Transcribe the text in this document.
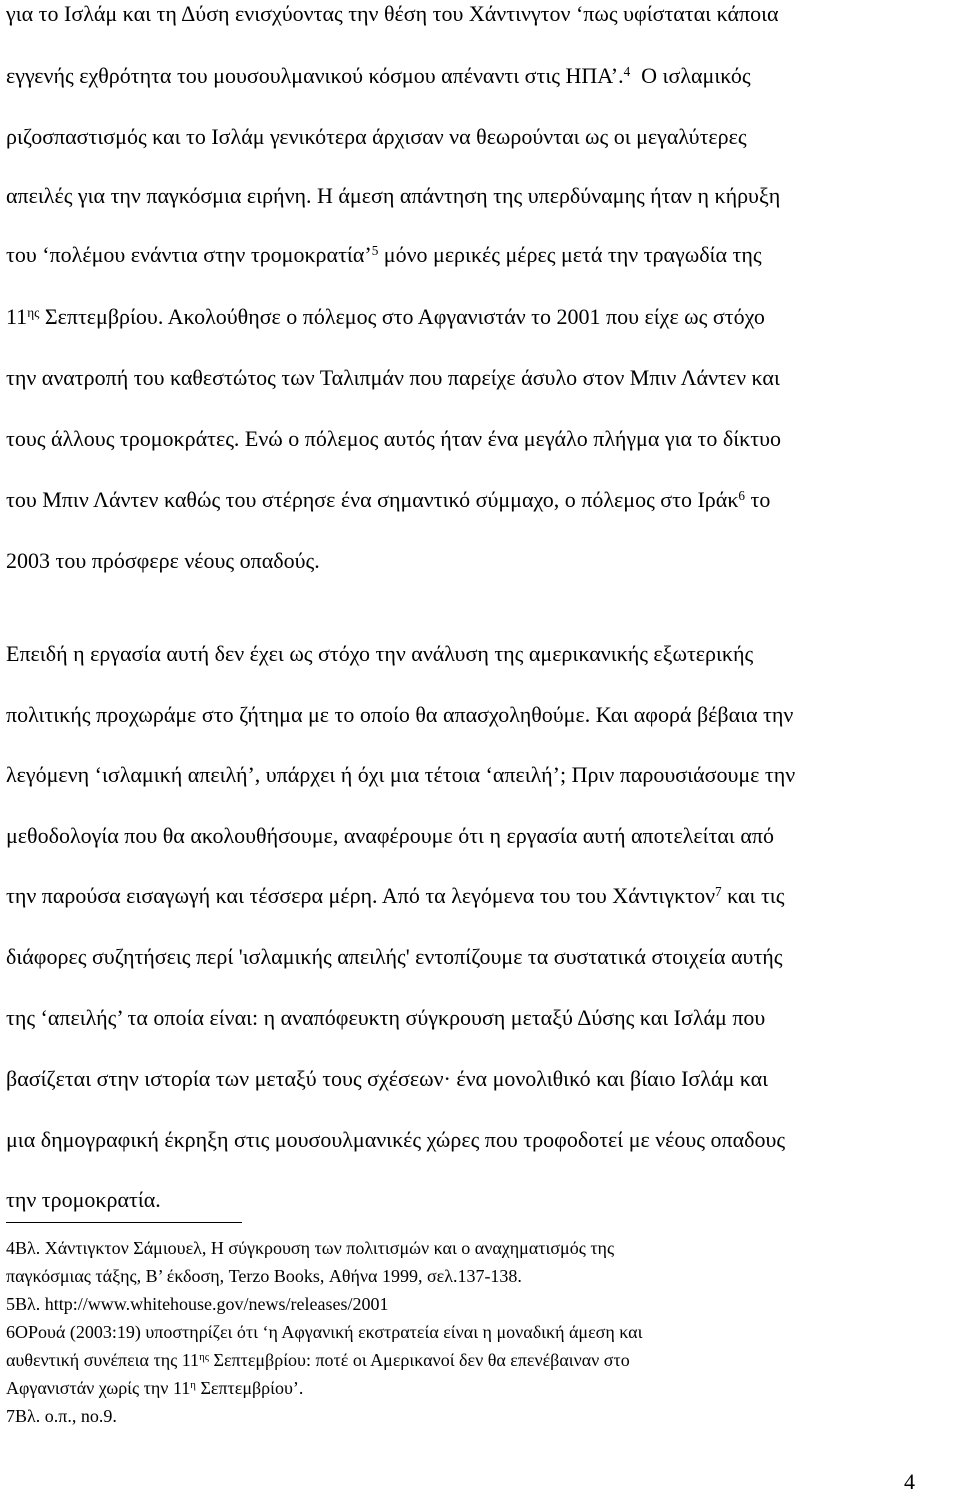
για το Ισλάμ και τη Δύση ενισχύοντας την θέση του Χάντινγτον ‘πως υφίσταται κάποια

εγγενής εχθρότητα του μουσουλμανικού κόσμου απέναντι στις ΗΠΑ’.$^4$  Ο ισλαμικός

ριζοσπαστισμός και το Ισλάμ γενικότερα άρχισαν να θεωρούνται ως οι μεγαλύτερες

απειλές για την παγκόσμια ειρήνη. Η άμεση απάντηση της υπερδύναμης ήταν η κήρυξη

του ‘πολέμου ενάντια στην τρομοκρατία’$^5$ μόνο μερικές μέρες μετά την τραγωδία της

$11^{\eta\varsigma}$ Σεπτεμβρίου. Ακολούθησε ο πόλεμος στο Αφγανιστάν το 2001 που είχε ως στόχο

την ανατροπή του καθεστώτος των Ταλιπμάν που παρείχε άσυλο στον Μπιν Λάντεν και

τους άλλους τρομοκράτες. Ενώ ο πόλεμος αυτός ήταν ένα μεγάλο πλήγμα για το δίκτυο

του Μπιν Λάντεν καθώς του στέρησε ένα σημαντικό σύμμαχο, ο πόλεμος στο Ιράκ$^6$ το

2003 του πρόσφερε νέους οπαδούς.

Επειδή η εργασία αυτή δεν έχει ως στόχο την ανάλυση της αμερικανικής εξωτερικής

πολιτικής προχωράμε στο ζήτημα με το οποίο θα απασχοληθούμε. Και αφορά βέβαια την

λεγόμενη ‘ισλαμική απειλή’, υπάρχει ή όχι μια τέτοια ‘απειλή’; Πριν παρουσιάσουμε την

μεθοδολογία που θα ακολουθήσουμε, αναφέρουμε ότι η εργασία αυτή αποτελείται από

την παρούσα εισαγωγή και τέσσερα μέρη. Από τα λεγόμενα του του Χάντιγκτον$^7$ και τις

διάφορες συζητήσεις περί 'ισλαμικής απειλής' εντοπίζουμε τα συστατικά στοιχεία αυτής

της ‘απειλής’ τα οποία είναι: η αναπόφευκτη σύγκρουση μεταξύ Δύσης και Ισλάμ που

βασίζεται στην ιστορία των μεταξύ τους σχέσεων· ένα μονολιθικό και βίαιο Ισλάμ και

μια δημογραφική έκρηξη στις μουσουλμανικές χώρες που τροφοδοτεί με νέους οπαδους

την τρομοκρατία.

4Βλ. Χάντιγκτον Σάμιουελ, Η σύγκρουση των πολιτισμών και ο αναχηματισμός της

παγκόσμιας τάξης, Β’ έκδοση, Terzo Books, Αθήνα 1999, σελ.137-138.

5Βλ. http://www.whitehouse.gov/news/releases/2001

6ΟΡουά (2003:19) υποστηρίζει ότι ‘η Αφγανική εκστρατεία είναι η μοναδική άμεση και

αυθεντική συνέπεια της $11^{\eta\varsigma}$ Σεπτεμβρίου: ποτέ οι Αμερικανοί δεν θα επενέβαιναν στο

Αφγανιστάν χωρίς την $11^\eta$ Σεπτεμβρίου’.

7Βλ. ο.π., no.9.

4
